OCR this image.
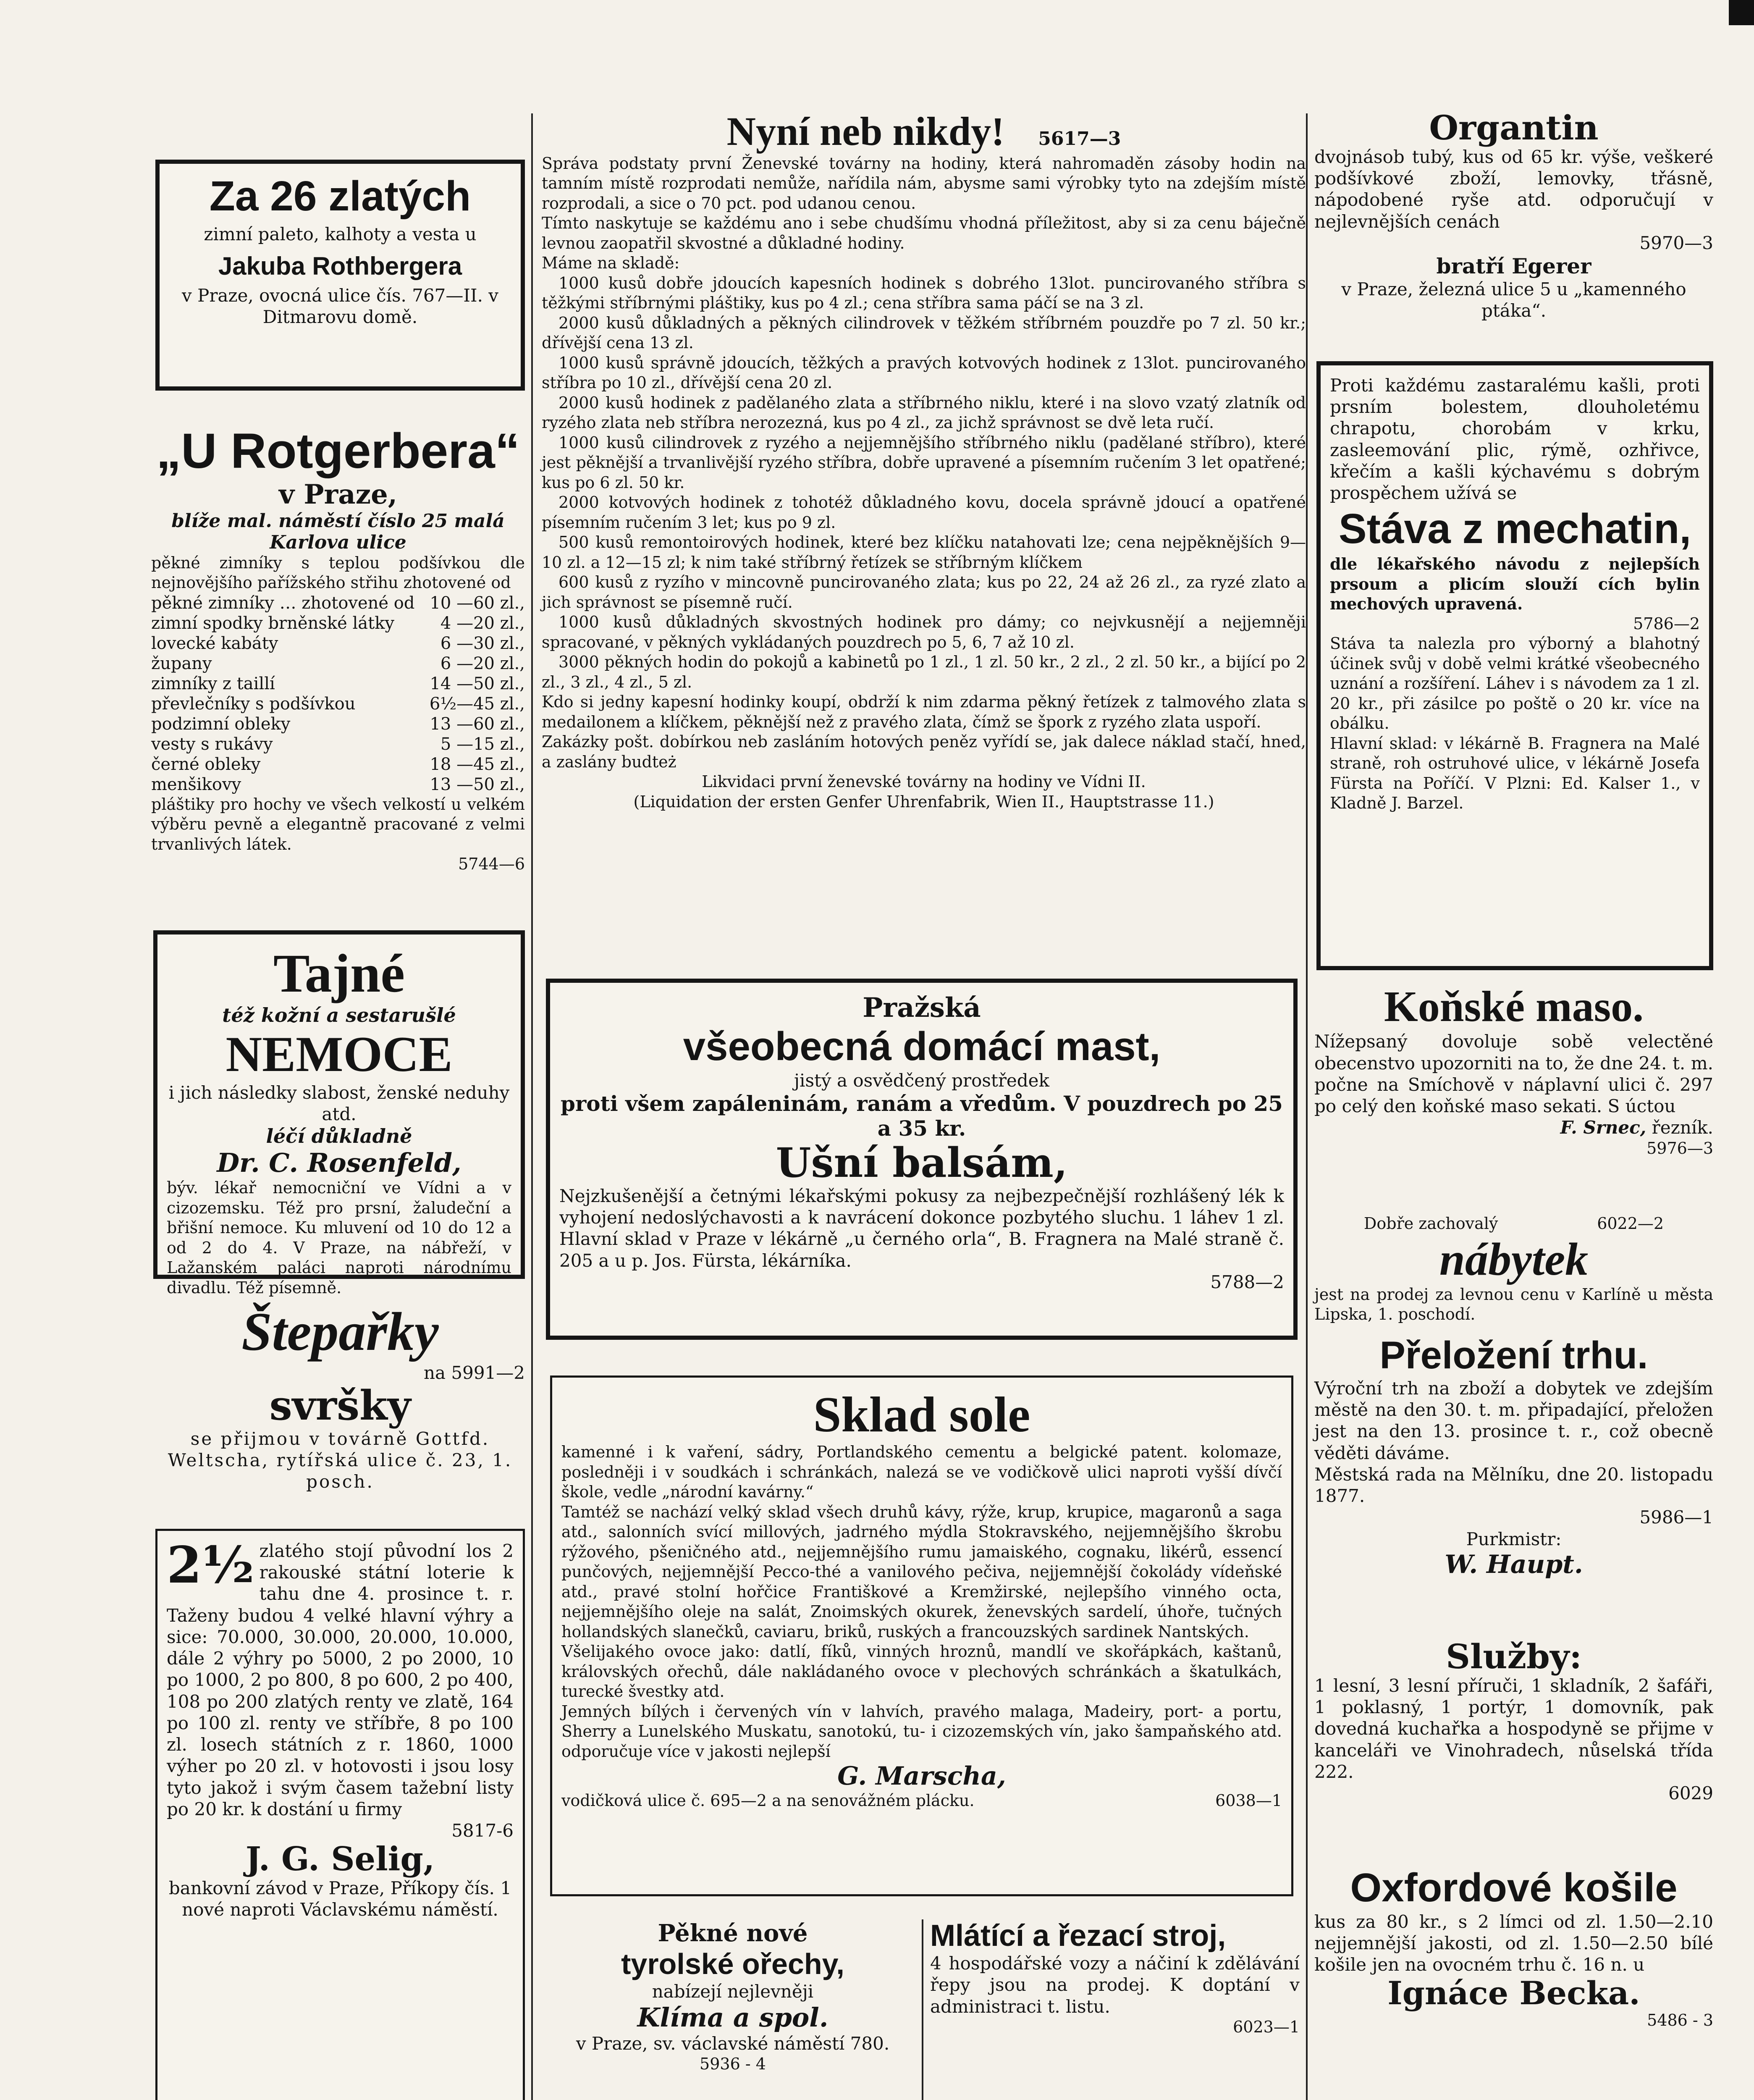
Za 26 zlatých
zimní paleto, kalhoty a vesta u
Jakuba Rothbergera
v Praze, ovocná ulice čís. 767—II. v Ditmarovu domě.
„U Rotgerbera“
v Praze,
blíže mal. náměstí číslo 25 malá Karlova ulice
pěkné zimníky s teplou podšívkou dle nejnovějšího pařížského střihu zhotovené od
pěkné zimníky … zhotovené od 10 —60 zl.,
zimní spodky brněnské látky	4 —20 zl.,
lovecké kabáty	6 —30 zl.,
župany	6 —20 zl.,
zimníky z taillí	14 —50 zl.,
převlečníky s podšívkou	6½—45 zl.,
podzimní obleky	13 —60 zl.,
vesty s rukávy	5 —15 zl.,
černé obleky	18 —45 zl.,
menšikovy	13 —50 zl.,
pláštiky pro hochy ve všech velkostí u velkém výběru pevně a elegantně pracované z velmi trvanlivých látek.
5744—6
Tajné
též kožní a sestarušlé
NEMOCE
i jich následky slabost, ženské neduhy atd.
léčí důkladně
Dr. C. Rosenfeld,
býv. lékař nemocniční ve Vídni a v cizozemsku. Též pro prsní, žaludeční a břišní nemoce. Ku mluvení od 10 do 12 a od 2 do 4. V Praze, na nábřeží, v Lažanském paláci naproti národnímu divadlu. Též písemně.
Štepařky
na 5991—2
svršky
se přijmou v továrně Gottfd. Weltscha, rytířská ulice č. 23, 1. posch.
2½ zlatého stojí původní los 2 rakouské státní loterie k tahu dne 4. prosince t. r. Taženy budou 4 velké hlavní výhry a sice: 70.000, 30.000, 20.000, 10.000, dále 2 výhry po 5000, 2 po 2000, 10 po 1000, 2 po 800, 8 po 600, 2 po 400, 108 po 200 zlatých renty ve zlatě, 164 po 100 zl. renty ve stříbře, 8 po 100 zl. losech státních z r. 1860, 1000 výher po 20 zl. v hotovosti i jsou losy tyto jakož i svým časem tažební listy po 20 kr. k dostání u firmy
5817-6
J. G. Selig,
bankovní závod v Praze, Příkopy čís. 1 nové naproti Václavskému náměstí.
Nyní neb nikdy! 5617—3
Správa podstaty první Ženevské továrny na hodiny, která nahromaděn zásoby hodin na tamním místě rozprodati nemůže, nařídila nám, abysme sami výrobky tyto na zdejším místě rozprodali, a sice o 70 pct. pod udanou cenou.
Tímto naskytuje se každému ano i sebe chudšímu vhodná příležitost, aby si za cenu báječně levnou zaopatřil skvostné a důkladné hodiny.
Máme na skladě:
1000 kusů dobře jdoucích kapesních hodinek s dobrého 13lot. puncirovaného stříbra s těžkými stříbrnými pláštiky, kus po 4 zl.; cena stříbra sama páčí se na 3 zl.
2000 kusů důkladných a pěkných cilindrovek v těžkém stříbrném pouzdře po 7 zl. 50 kr.; dřívější cena 13 zl.
1000 kusů správně jdoucích, těžkých a pravých kotvových hodinek z 13lot. puncirovaného stříbra po 10 zl., dřívější cena 20 zl.
2000 kusů hodinek z padělaného zlata a stříbrného niklu, které i na slovo vzatý zlatník od ryzého zlata neb stříbra nerozezná, kus po 4 zl., za jichž správnost se dvě leta ručí.
1000 kusů cilindrovek z ryzého a nejjemnějšího stříbrného niklu (padělané stříbro), které jest pěknější a trvanlivější ryzého stříbra, dobře upravené a písemním ručením 3 let opatřené; kus po 6 zl. 50 kr.
2000 kotvových hodinek z tohotéž důkladného kovu, docela správně jdoucí a opatřené písemním ručením 3 let; kus po 9 zl.
500 kusů remontoirových hodinek, které bez klíčku natahovati lze; cena nejpěknějších 9—10 zl. a 12—15 zl; k nim také stříbrný řetízek se stříbrným klíčkem
600 kusů z ryzího v mincovně puncirovaného zlata; kus po 22, 24 až 26 zl., za ryzé zlato a jich správnost se písemně ručí.
1000 kusů důkladných skvostných hodinek pro dámy; co nejvkusnějí a nejjemněji spracované, v pěkných vykládaných pouzdrech po 5, 6, 7 až 10 zl.
3000 pěkných hodin do pokojů a kabinetů po 1 zl., 1 zl. 50 kr., 2 zl., 2 zl. 50 kr., a bijící po 2 zl., 3 zl., 4 zl., 5 zl.
Kdo si jedny kapesní hodinky koupí, obdrží k nim zdarma pěkný řetízek z talmového zlata s medailonem a klíčkem, pěknější než z pravého zlata, čímž se špork z ryzého zlata uspoří.
Zakázky pošt. dobírkou neb zasláním hotových peněz vyřídí se, jak dalece náklad stačí, hned, a zaslány budteż
Likvidaci první ženevské továrny na hodiny ve Vídni II.
(Liquidation der ersten Genfer Uhrenfabrik, Wien II., Hauptstrasse 11.)
Pražská
všeobecná domácí mast,
jistý a osvědčený prostředek
proti všem zapáleninám, ranám a vředům. V pouzdrech po 25 a 35 kr.
Ušní balsám,
Nejzkušenější a četnými lékařskými pokusy za nejbezpečnější rozhlášený lék k vyhojení nedoslýchavosti a k navrácení dokonce pozbytého sluchu. 1 láhev 1 zl. Hlavní sklad v Praze v lékárně „u černého orla“, B. Fragnera na Malé straně č. 205 a u p. Jos. Fürsta, lékárníka.
5788—2
Sklad sole
kamenné i k vaření, sádry, Portlandského cementu a belgické patent. kolomaze, posledněji i v soudkách i schránkách, nalezá se ve vodičkově ulici naproti vyšší dívčí škole, vedle „národní kavárny.“
Tamtéž se nachází velký sklad všech druhů kávy, rýže, krup, krupice, magaronů a saga atd., salonních svící millových, jadrného mýdla Stokravského, nejjemnějšího škrobu rýžového, pšeničného atd., nejjemnějšího rumu jamaiského, cognaku, likérů, essencí punčových, nejjemnější Pecco-thé a vanilového pečiva, nejjemnější čokolády vídeňské atd., pravé stolní hořčice Františkové a Kremžirské, nejlepšího vinného octa, nejjemnějšího oleje na salát, Znoimských okurek, ženevských sardelí, úhoře, tučných hollandských slanečků, caviaru, briků, ruských a francouzských sardinek Nantských.
Všelijakého ovoce jako: datlí, fíků, vinných hroznů, mandlí ve skořápkách, kaštanů, královských ořechů, dále nakládaného ovoce v plechových schránkách a škatulkách, turecké švestky atd.
Jemných bílých i červených vín v lahvích, pravého malaga, Madeiry, port- a portu, Sherry a Lunelského Muskatu, sanotokú, tu- i cizozemských vín, jako šampaňského atd. odporučuje více v jakosti nejlepší
G. Marscha,
vodičková ulice č. 695—2 a na senovážném plácku.	6038—1
Pěkné nové
tyrolské ořechy,
nabízejí nejlevněji
Klíma a spol.
v Praze, sv. václavské náměstí 780.
5936 - 4
Mlátící a řezací stroj,
4 hospodářské vozy a náčiní k zdělávání řepy jsou na prodej. K doptání v administraci t. listu.
6023—1
Organtin
dvojnásob tubý, kus od 65 kr. výše, veškeré podšívkové zboží, lemovky, třásně, nápodobené ryše atd. odporučují v nejlevnějších cenách
5970—3
bratří Egerer
v Praze, železná ulice 5 u „kamenného ptáka“.
Proti každému zastaralému kašli, proti prsním bolestem, dlouholetému chrapotu, chorobám v krku, zasleemování plic, rýmě, ozhřivce, křečím a kašli kýchavému s dobrým prospěchem užívá se
Stáva z mechatin,
dle lékařského návodu z nejlepších prsoum a plicím slouží cích bylin mechových upravená.
5786—2
Stáva ta nalezla pro výborný a blahotný účinek svůj v době velmi krátké všeobecného uznání a rozšíření. Láhev i s návodem za 1 zl. 20 kr., při zásilce po poště o 20 kr. více na obálku.
Hlavní sklad: v lékárně B. Fragnera na Malé straně, roh ostruhové ulice, v lékárně Josefa Fürsta na Poříčí. V Plzni: Ed. Kalser 1., v Kladně J. Barzel.
Koňské maso.
Nížepsaný dovoluje sobě velectěné obecenstvo upozorniti na to, že dne 24. t. m. počne na Smíchově v náplavní ulici č. 297 po celý den koňské maso sekati. S úctou
F. Srnec, řezník.
5976—3
Dobře zachovalý	6022—2
nábytek
jest na prodej za levnou cenu v Karlíně u města Lipska, 1. poschodí.
Přeložení trhu.
Výroční trh na zboží a dobytek ve zdejším městě na den 30. t. m. připadající, přeložen jest na den 13. prosince t. r., což obecně věděti dáváme.
Městská rada na Mělníku, dne 20. listopadu 1877.
5986—1
Purkmistr:
W. Haupt.
Služby:
1 lesní, 3 lesní příruči, 1 skladník, 2 šafáři, 1 poklasný, 1 portýr, 1 domovník, pak dovedná kuchařka a hospodyně se přijme v kanceláři ve Vinohradech, nůselská třída 222.
6029
Oxfordové košile
kus za 80 kr., s 2 límci od zl. 1.50—2.10 nejjemnější jakosti, od zl. 1.50—2.50 bílé košile jen na ovocném trhu č. 16 n. u
Ignáce Becka.
5486 - 3
